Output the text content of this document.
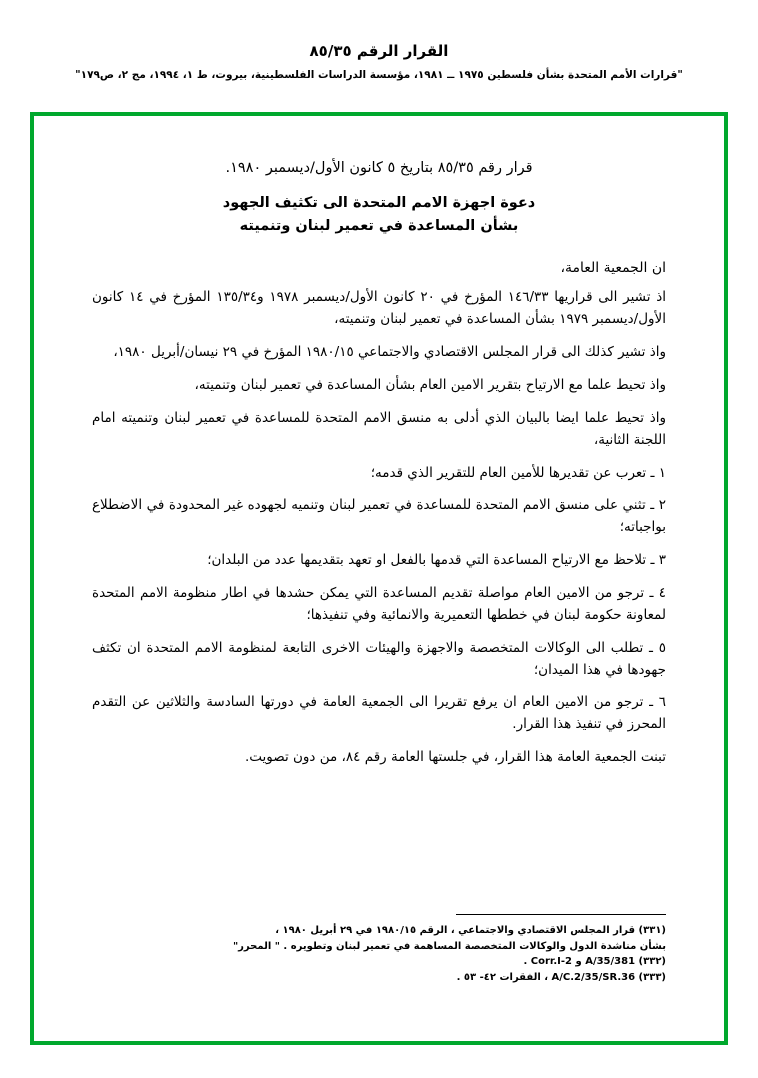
القرار الرقم ٨٥/٣٥
"قرارات الأمم المتحدة بشأن فلسطين ١٩٧٥ ــ ١٩٨١، مؤسسة الدراسات الفلسطينية، بيروت، ط ١، ١٩٩٤، مج ٢، ص١٧٩"
قرار رقم ٨٥/٣٥ بتاريخ ٥ كانون الأول/ديسمبر ١٩٨٠.
دعوة اجهزة الامم المتحدة الى تكثيف الجهود
بشأن المساعدة في تعمير لبنان وتنميته
ان الجمعية العامة،
اذ تشير الى قراريها ١٤٦/٣٣ المؤرخ في ٢٠ كانون الأول/ديسمبر ١٩٧٨ و١٣٥/٣٤ المؤرخ في ١٤ كانون الأول/ديسمبر ١٩٧٩ بشأن المساعدة في تعمير لبنان وتنميته،
واذ تشير كذلك الى قرار المجلس الاقتصادي والاجتماعي ١٩٨٠/١٥ المؤرخ في ٢٩ نيسان/أبريل ١٩٨٠،
واذ تحيط علما مع الارتياح بتقرير الامين العام بشأن المساعدة في تعمير لبنان وتنميته،
واذ تحيط علما ايضا بالبيان الذي أدلى به منسق الامم المتحدة للمساعدة في تعمير لبنان وتنميته امام اللجنة الثانية،
١ ـ تعرب عن تقديرها للأمين العام للتقرير الذي قدمه؛
٢ ـ تثني على منسق الامم المتحدة للمساعدة في تعمير لبنان وتنميه لجهوده غير المحدودة في الاضطلاع بواجباته؛
٣ ـ تلاحظ مع الارتياح المساعدة التي قدمها بالفعل او تعهد بتقديمها عدد من البلدان؛
٤ ـ ترجو من الامين العام مواصلة تقديم المساعدة التي يمكن حشدها في اطار منظومة الامم المتحدة لمعاونة حكومة لبنان في خططها التعميرية والانمائية وفي تنفيذها؛
٥ ـ تطلب الى الوكالات المتخصصة والاجهزة والهيئات الاخرى التابعة لمنظومة الامم المتحدة ان تكثف جهودها في هذا الميدان؛
٦ ـ ترجو من الامين العام ان يرفع تقريرا الى الجمعية العامة في دورتها السادسة والثلاثين عن التقدم المحرز في تنفيذ هذا القرار.
تبنت الجمعية العامة هذا القرار، في جلستها العامة رقم ٨٤، من دون تصويت.
(٣٣١) قرار المجلس الاقتصادي والاجتماعي ، الرقم ١٩٨٠/١٥ في ٢٩ أبريل ١٩٨٠ ،
بشأن مناشدة الدول والوكالات المتخصصة المساهمة في تعمير لبنان وتطويره . " المحرر"
(٣٣٢) A/35/381 و Corr.I-2 .
(٣٣٣) A/C.2/35/SR.36 ، الفقرات ٤٢- ٥٣ .
